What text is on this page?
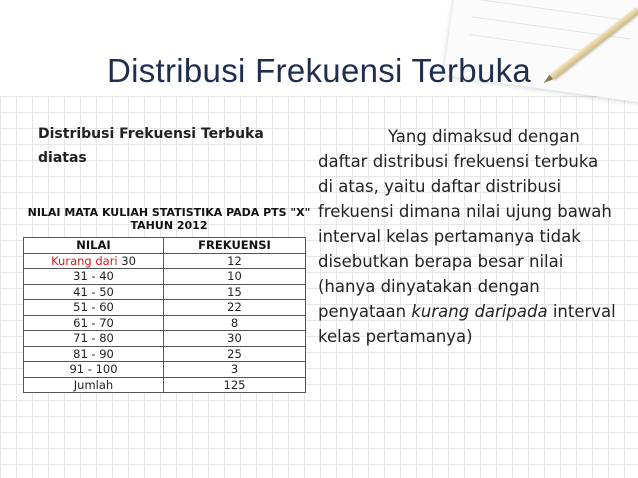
Distribusi Frekuensi Terbuka
Distribusi Frekuensi Terbuka
diatas
NILAI MATA KULIAH STATISTIKA PADA PTS "X"
TAHUN 2012
NILAI	FREKUENSI
Kurang dari 30	12
31 - 40	10
41 - 50	15
51 - 60	22
61 - 70	8
71 - 80	30
81 - 90	25
91 - 100	3
Jumlah	125
Yang dimaksud dengan daftar distribusi frekuensi terbuka di atas, yaitu daftar distribusi frekuensi dimana nilai ujung bawah interval kelas pertamanya tidak disebutkan berapa besar nilai (hanya dinyatakan dengan penyataan kurang daripada interval kelas pertamanya)
